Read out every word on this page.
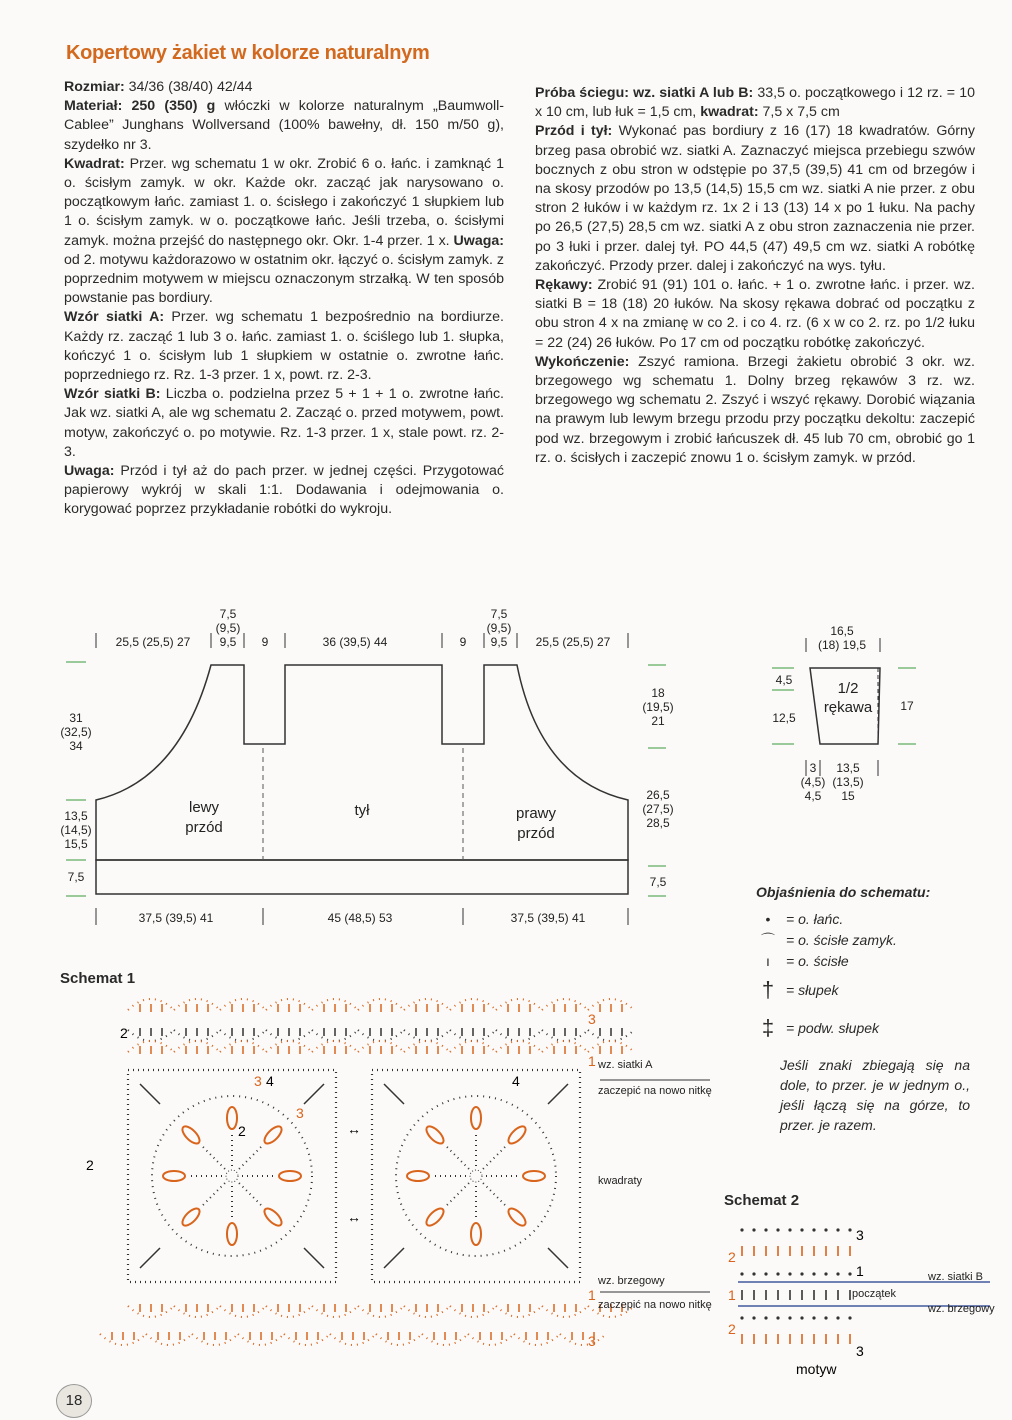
Kopertowy żakiet w kolorze naturalnym

Rozmiar: 34/36 (38/40) 42/44

Materiał: 250 (350) g włóczki w kolorze naturalnym „Baumwoll-Cablee” Junghans Wollversand (100% bawełny, dł. 150 m/50 g), szydełko nr 3.

Kwadrat: Przer. wg schematu 1 w okr. Zrobić 6 o. łańc. i zamknąć 1 o. ścisłym zamyk. w okr. Każde okr. zacząć jak narysowano o. początkowym łańc. zamiast 1. o. ścisłego i zakończyć 1 słupkiem lub 1 o. ścisłym zamyk. w o. początkowe łańc. Jeśli trzeba, o. ścisłymi zamyk. można przejść do następnego okr. Okr. 1-4 przer. 1 x. Uwaga: od 2. motywu każdorazowo w ostatnim okr. łączyć o. ścisłym zamyk. z poprzednim motywem w miejscu oznaczonym strzałką. W ten sposób powstanie pas bordiury.

Wzór siatki A: Przer. wg schematu 1 bezpośrednio na bordiurze. Każdy rz. zacząć 1 lub 3 o. łańc. zamiast 1. o. ściślego lub 1. słupka, kończyć 1 o. ścisłym lub 1 słupkiem w ostatnie o. zwrotne łańc. poprzedniego rz. Rz. 1-3 przer. 1 x, powt. rz. 2-3.

Wzór siatki B: Liczba o. podzielna przez 5 + 1 + 1 o. zwrotne łańc. Jak wz. siatki A, ale wg schematu 2. Zacząć o. przed motywem, powt. motyw, zakończyć o. po motywie. Rz. 1-3 przer. 1 x, stale powt. rz. 2-3.

Uwaga: Przód i tył aż do pach przer. w jednej części. Przygotować papierowy wykrój w skali 1:1. Dodawania i odejmowania o. korygować poprzez przykładanie robótki do wykroju.

Próba ściegu: wz. siatki A lub B: 33,5 o. początkowego i 12 rz. = 10 x 10 cm, lub łuk = 1,5 cm, kwadrat: 7,5 x 7,5 cm

Przód i tył: Wykonać pas bordiury z 16 (17) 18 kwadratów. Górny brzeg pasa obrobić wz. siatki A. Zaznaczyć miejsca przebiegu szwów bocznych z obu stron w odstępie po 37,5 (39,5) 41 cm od brzegów i na skosy przodów po 13,5 (14,5) 15,5 cm wz. siatki A nie przer. z obu stron 2 łuków i w każdym rz. 1x 2 i 13 (13) 14 x po 1 łuku. Na pachy po 26,5 (27,5) 28,5 cm wz. siatki A z obu stron zaznaczenia nie przer. po 3 łuki i przer. dalej tył. PO 44,5 (47) 49,5 cm wz. siatki A robótkę zakończyć. Przody przer. dalej i zakończyć na wys. tyłu.

Rękawy: Zrobić 91 (91) 101 o. łańc. + 1 o. zwrotne łańc. i przer. wz. siatki B = 18 (18) 20 łuków. Na skosy rękawa dobrać od początku z obu stron 4 x na zmianę w co 2. i co 4. rz. (6 x w co 2. rz. po 1/2 łuku = 22 (24) 26 łuków. Po 17 cm od początku robótkę zakończyć.

Wykończenie: Zszyć ramiona. Brzegi żakietu obrobić 3 okr. wz. brzegowego wg schematu 1. Dolny brzeg rękawów 3 rz. wz. brzegowego wg schematu 2. Zszyć i wszyć rękawy. Dorobić wiązania na prawym lub lewym brzegu przodu przy początku dekoltu: zaczepić pod wz. brzegowym i zrobić łańcuszek dł. 45 lub 70 cm, obrobić go 1 rz. o. ścisłych i zaczepić znowu 1 o. ścisłym zamyk. w przód.

25,5 (25,5) 27	9	36 (39,5) 44	9	25,5 (25,5) 27
7,5
(9,5)
9,5
7,5
(9,5)
9,5
31
(32,5)
34
13,5
(14,5)
15,5
7,5
18
(19,5)
21
26,5
(27,5)
28,5
7,5
lewy
przód
tył	prawy
przód
37,5 (39,5) 41	45 (48,5) 53	37,5 (39,5) 41
16,5
(18) 19,5
4,5
12,5
17
1/2
rękawa
3
(4,5)
4,5
13,5
(13,5)
15
Objaśnienia do schematu:
•	= o. łańc.
⌒ = o. ścisłe zamyk.
ı	= o. ścisłe
† = słupek
‡ = podw. słupek
Jeśli znaki zbiegają się na dole, to przer. je w jednym o., jeśli łączą się na górze, to przer. je razem.
Schemat 1
↔
↔
wz. siatki A
zaczepić na nowo nitkę
kwadraty
wz. brzegowy
zaczepić na nowo nitkę
2
3
1
2
3 4
2
3
4
1
3
Schemat 2
wz. siatki B
początek
wz. brzegowy
motyw
3
2
1
1
2
3
18
